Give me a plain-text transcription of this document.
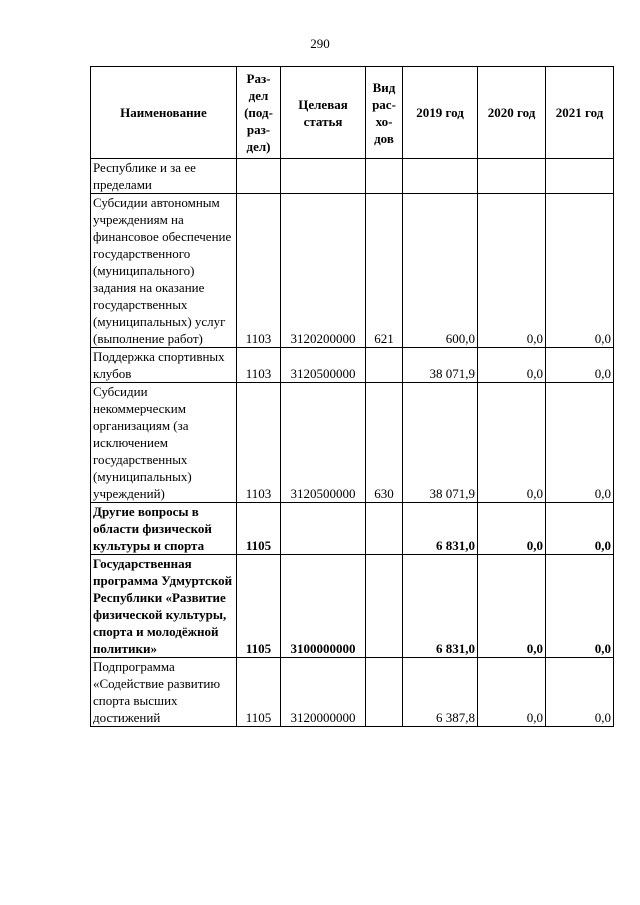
290
Наименование	Раз-дел (под-раз-дел)	Целевая статья	Вид рас-хо-дов	2019 год	2020 год	2021 год
Республике и за ее пределами						
Субсидии автономным учреждениям на финансовое обеспечение государственного (муниципального) задания на оказание государственных (муниципальных) услуг (выполнение работ)	1103	3120200000	621	600,0	0,0	0,0
Поддержка спортивных клубов	1103	3120500000		38 071,9	0,0	0,0
Субсидии некоммерческим организациям (за исключением государственных (муниципальных) учреждений)	1103	3120500000	630	38 071,9	0,0	0,0
Другие вопросы в области физической культуры и спорта	1105			6 831,0	0,0	0,0
Государственная программа Удмуртской Республики «Развитие физической культуры, спорта и молодёжной политики»	1105	3100000000		6 831,0	0,0	0,0
Подпрограмма «Содействие развитию спорта высших достижений	1105	3120000000		6 387,8	0,0	0,0
